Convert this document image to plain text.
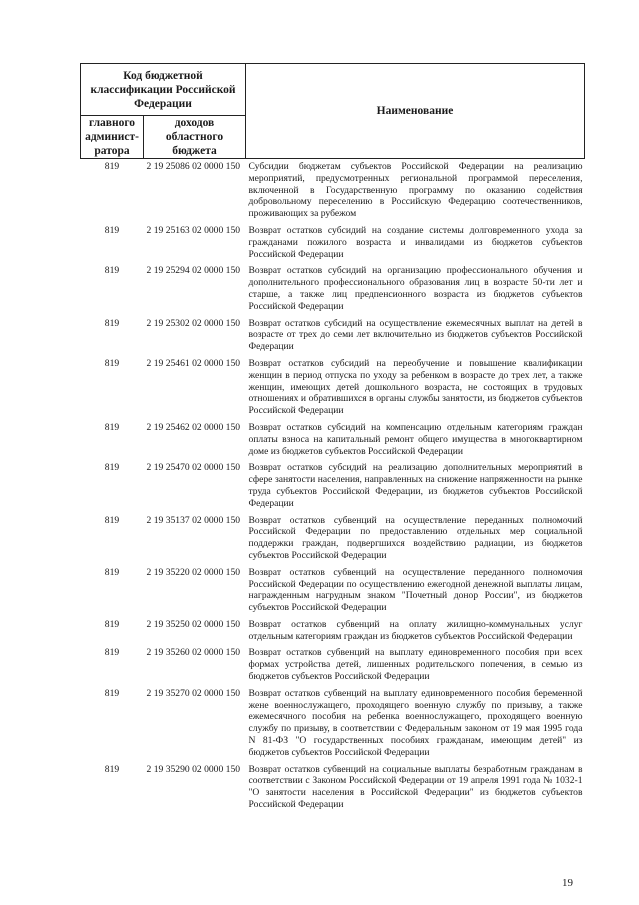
Код бюджетной классификации Российской Федерации		Наименование
главного админист-ратора	доходов областного бюджета	
819	2 19 25086 02 0000 150	Субсидии бюджетам субъектов Российской Федерации на реализацию мероприятий, предусмотренных региональной программой переселения, включенной в Государственную программу по оказанию содействия добровольному переселению в Российскую Федерацию соотечественников, проживающих за рубежом
819	2 19 25163 02 0000 150	Возврат остатков субсидий на создание системы долговременного ухода за гражданами пожилого возраста и инвалидами из бюджетов субъектов Российской Федерации
819	2 19 25294 02 0000 150	Возврат остатков субсидий на организацию профессионального обучения и дополнительного профессионального образования лиц в возрасте 50-ти лет и старше, а также лиц предпенсионного возраста из бюджетов субъектов Российской Федерации
819	2 19 25302 02 0000 150	Возврат остатков субсидий на осуществление ежемесячных выплат на детей в возрасте от трех до семи лет включительно из бюджетов субъектов Российской Федерации
819	2 19 25461 02 0000 150	Возврат остатков субсидий на переобучение и повышение квалификации женщин в период отпуска по уходу за ребенком в возрасте до трех лет, а также женщин, имеющих детей дошкольного возраста, не состоящих в трудовых отношениях и обратившихся в органы службы занятости, из бюджетов субъектов Российской Федерации
819	2 19 25462 02 0000 150	Возврат остатков субсидий на компенсацию отдельным категориям граждан оплаты взноса на капитальный ремонт общего имущества в многоквартирном доме из бюджетов субъектов Российской Федерации
819	2 19 25470 02 0000 150	Возврат остатков субсидий на реализацию дополнительных мероприятий в сфере занятости населения, направленных на снижение напряженности на рынке труда субъектов Российской Федерации, из бюджетов субъектов Российской Федерации
819	2 19 35137 02 0000 150	Возврат остатков субвенций на осуществление переданных полномочий Российской Федерации по предоставлению отдельных мер социальной поддержки граждан, подвергшихся воздействию радиации, из бюджетов субъектов Российской Федерации
819	2 19 35220 02 0000 150	Возврат остатков субвенций на осуществление переданного полномочия Российской Федерации по осуществлению ежегодной денежной выплаты лицам, награжденным нагрудным знаком "Почетный донор России", из бюджетов субъектов Российской Федерации
819	2 19 35250 02 0000 150	Возврат остатков субвенций на оплату жилищно-коммунальных услуг отдельным категориям граждан из бюджетов субъектов Российской Федерации
819	2 19 35260 02 0000 150	Возврат остатков субвенций на выплату единовременного пособия при всех формах устройства детей, лишенных родительского попечения, в семью из бюджетов субъектов Российской Федерации
819	2 19 35270 02 0000 150	Возврат остатков субвенций на выплату единовременного пособия беременной жене военнослужащего, проходящего военную службу по призыву, а также ежемесячного пособия на ребенка военнослужащего, проходящего военную службу по призыву, в соответствии с Федеральным законом от 19 мая 1995 года N 81-ФЗ "О государственных пособиях гражданам, имеющим детей" из бюджетов субъектов Российской Федерации
819	2 19 35290 02 0000 150	Возврат остатков субвенций на социальные выплаты безработным гражданам в соответствии с Законом Российской Федерации от 19 апреля 1991 года № 1032-1 "О занятости населения в Российской Федерации" из бюджетов субъектов Российской Федерации
19
